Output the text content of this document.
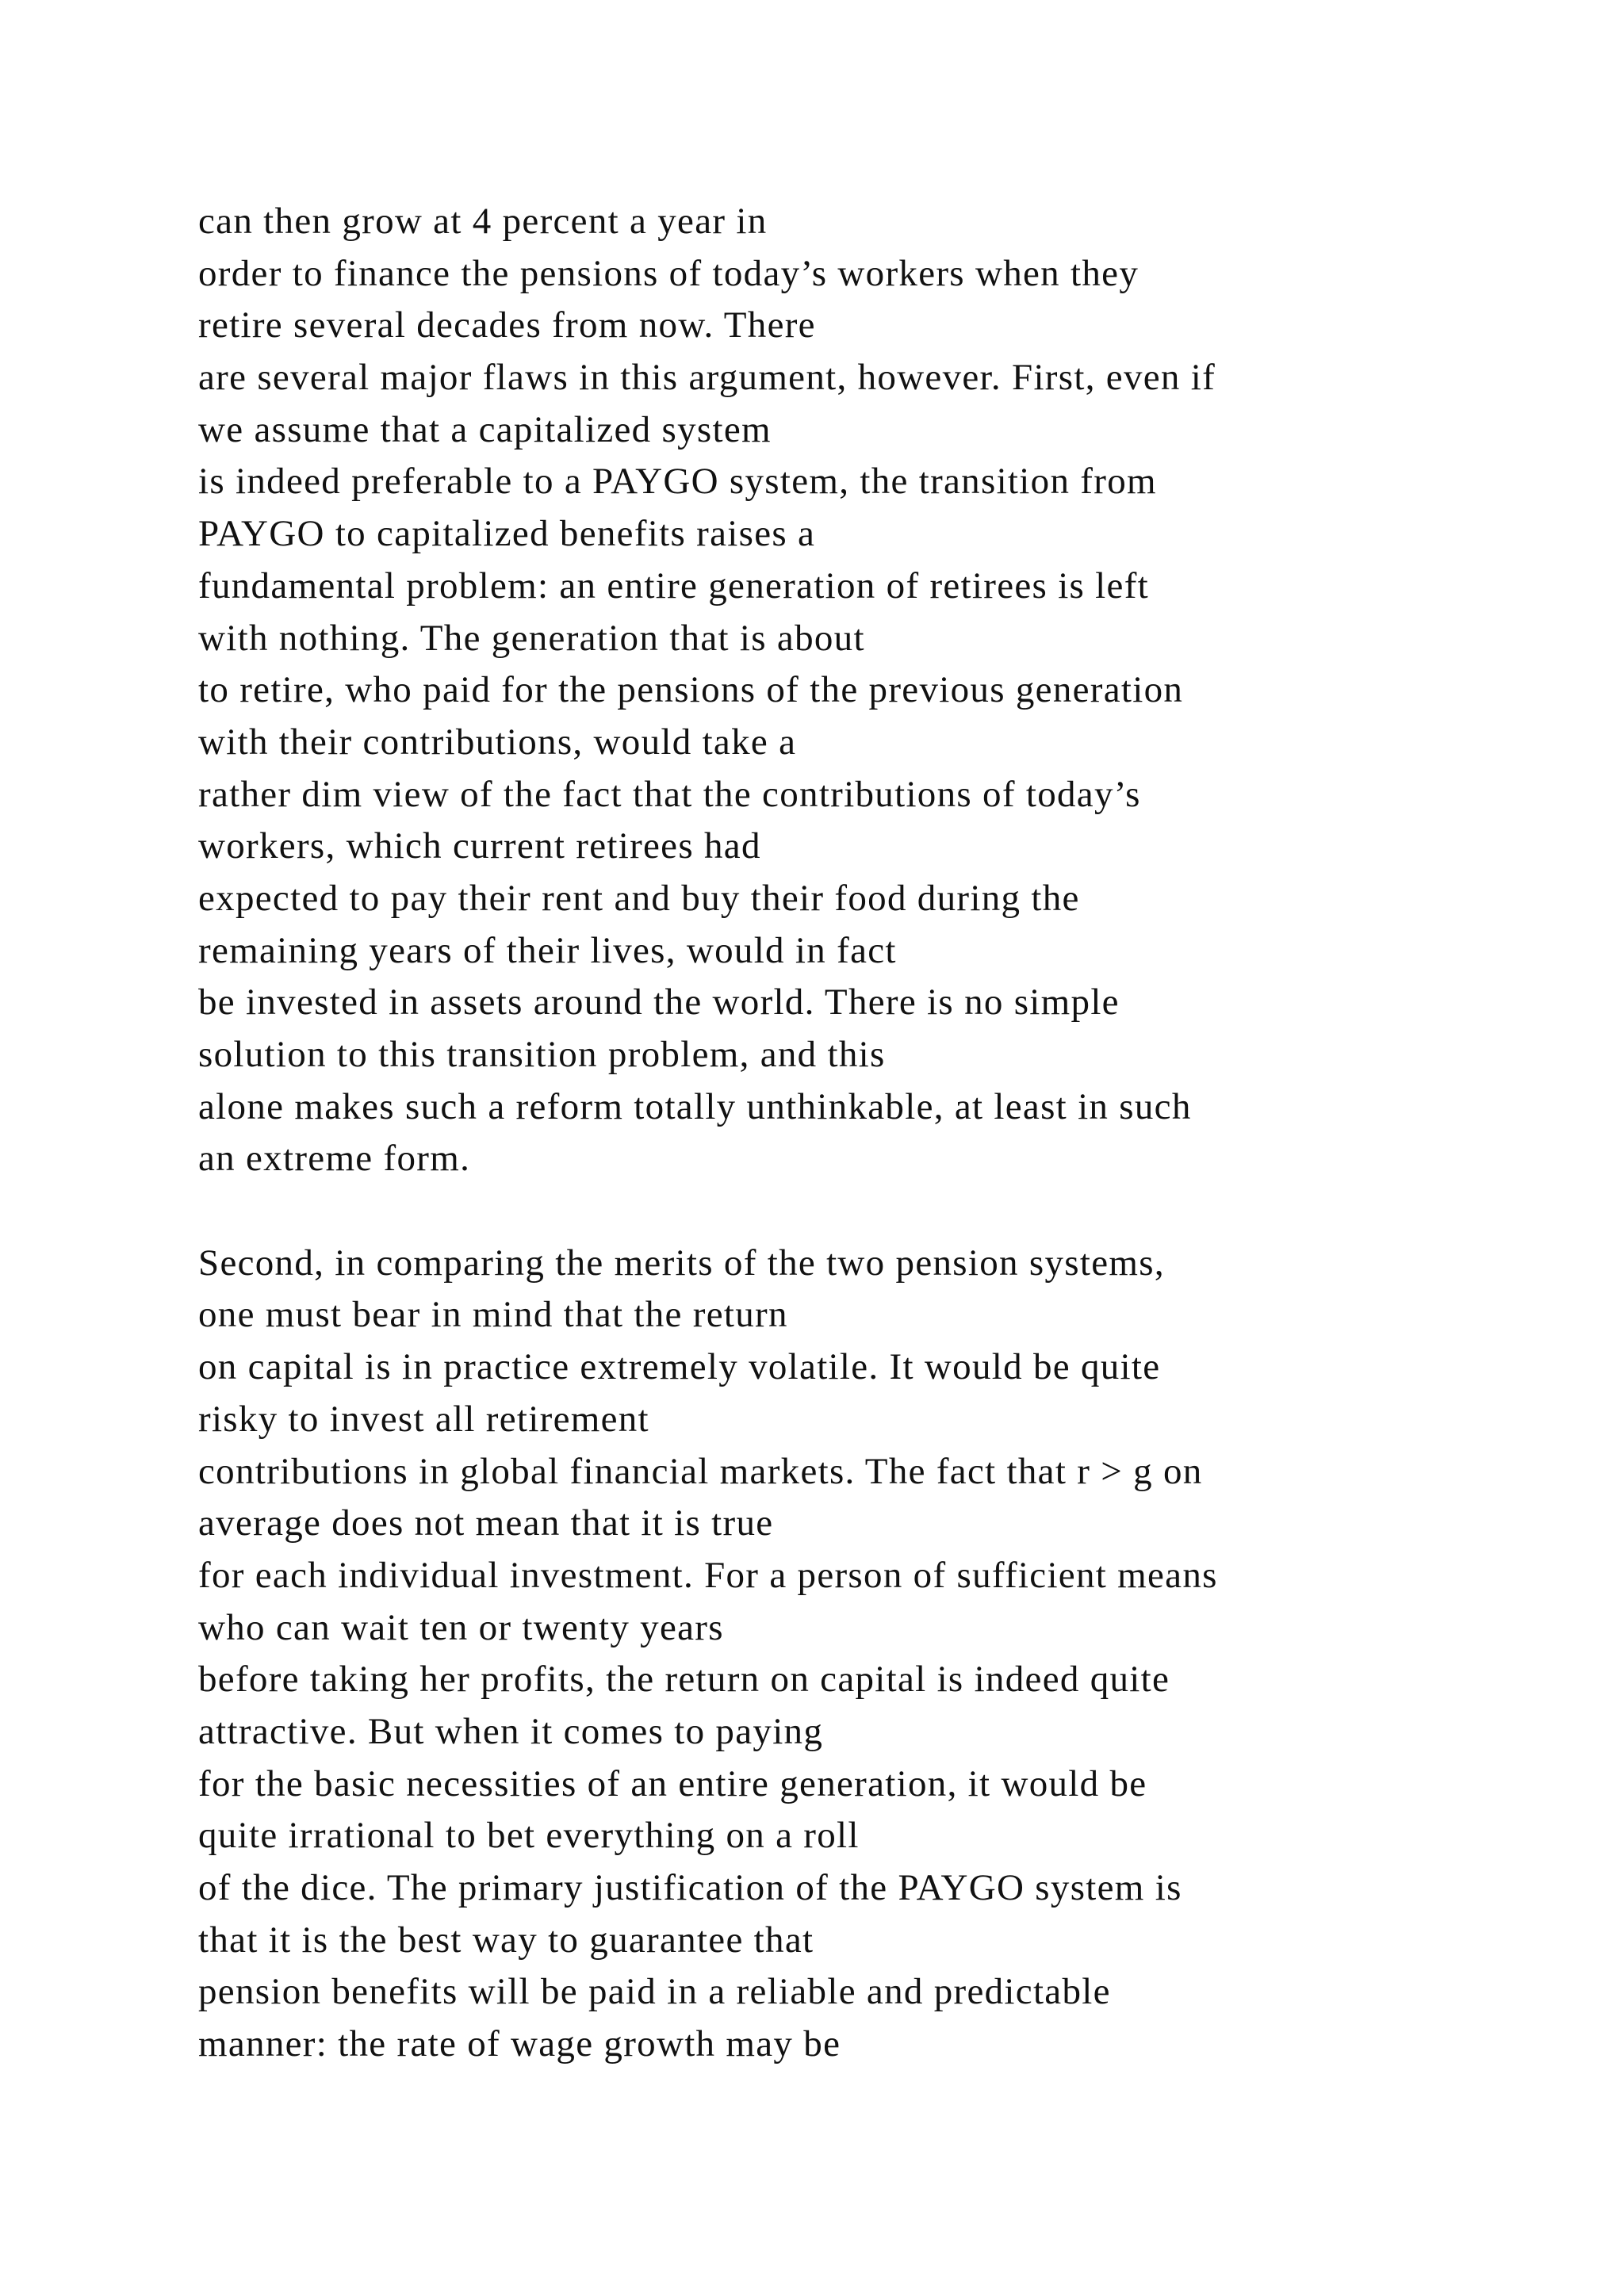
can then grow at 4 percent a year in
order to finance the pensions of today’s workers when they
retire several decades from now. There
are several major flaws in this argument, however. First, even if
we assume that a capitalized system
is indeed preferable to a PAYGO system, the transition from
PAYGO to capitalized benefits raises a
fundamental problem: an entire generation of retirees is left
with nothing. The generation that is about
to retire, who paid for the pensions of the previous generation
with their contributions, would take a
rather dim view of the fact that the contributions of today’s
workers, which current retirees had
expected to pay their rent and buy their food during the
remaining years of their lives, would in fact
be invested in assets around the world. There is no simple
solution to this transition problem, and this
alone makes such a reform totally unthinkable, at least in such
an extreme form.
Second, in comparing the merits of the two pension systems,
one must bear in mind that the return
on capital is in practice extremely volatile. It would be quite
risky to invest all retirement
contributions in global financial markets. The fact that r > g on
average does not mean that it is true
for each individual investment. For a person of sufficient means
who can wait ten or twenty years
before taking her profits, the return on capital is indeed quite
attractive. But when it comes to paying
for the basic necessities of an entire generation, it would be
quite irrational to bet everything on a roll
of the dice. The primary justification of the PAYGO system is
that it is the best way to guarantee that
pension benefits will be paid in a reliable and predictable
manner: the rate of wage growth may be
